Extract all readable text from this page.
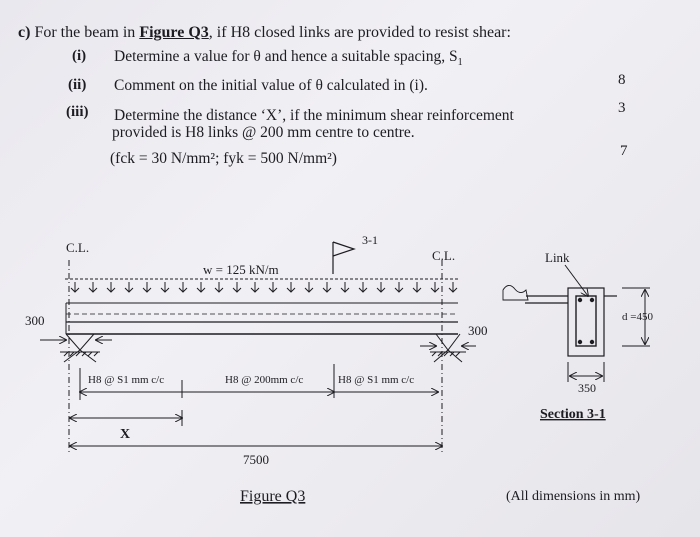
c) For the beam in Figure Q3, if H8 closed links are provided to resist shear:
(i) Determine a value for θ and hence a suitable spacing, $S_1$
8
(ii) Comment on the initial value of θ calculated in (i).
3
(iii) Determine the distance ‘X’, if the minimum shear reinforcement
provided is H8 links @ 200 mm centre to centre.
7
(fck = 30 N/mm²; fyk = 500 N/mm²)
C.L.
C.L.
w = 125 kN/m
3-1
300
300
H8 @ S1 mm c/c	H8 @ 200mm c/c	H8 @ S1 mm c/c
X
7500
Figure Q3
Link
d =450
350
Section 3-1
(All dimensions in mm)
